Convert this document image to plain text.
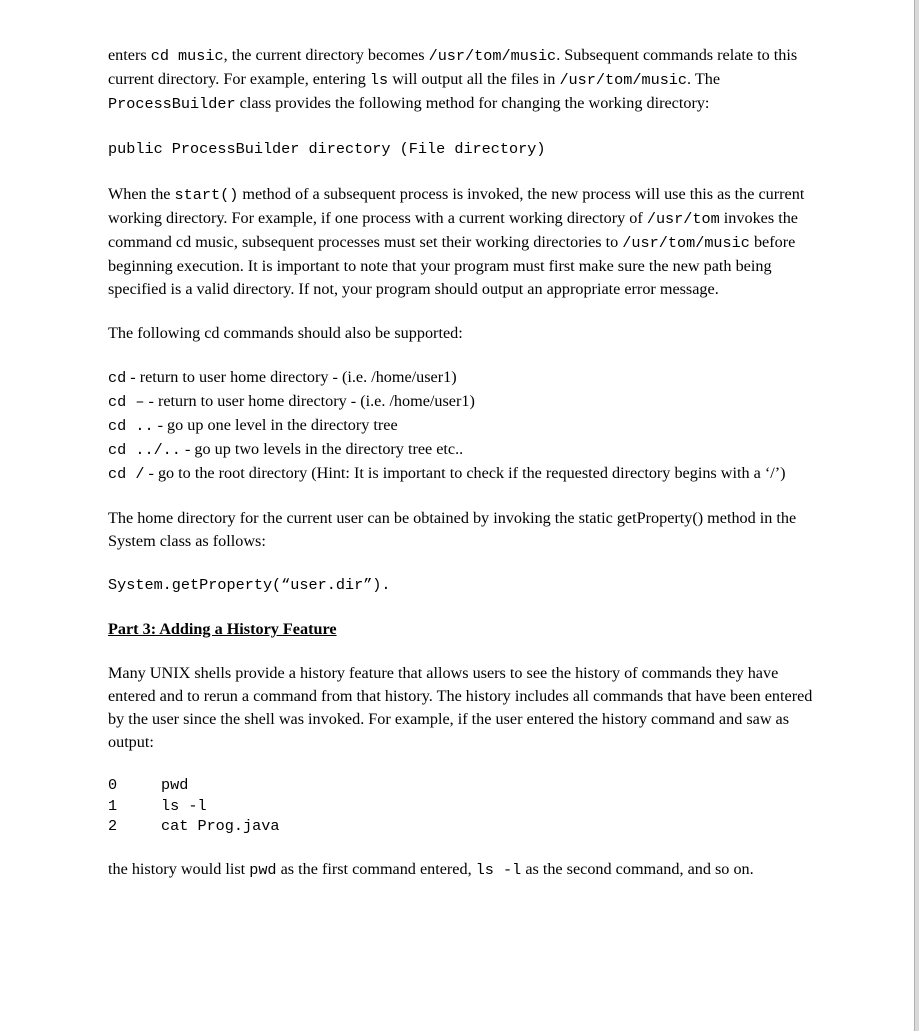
enters cd music, the current directory becomes /usr/tom/music. Subsequent commands relate to this current directory. For example, entering ls will output all the files in /usr/tom/music. The ProcessBuilder class provides the following method for changing the working directory:

public ProcessBuilder directory (File directory)

When the start() method of a subsequent process is invoked, the new process will use this as the current working directory. For example, if one process with a current working directory of /usr/tom invokes the command cd music, subsequent processes must set their working directories to /usr/tom/music before beginning execution. It is important to note that your program must first make sure the new path being specified is a valid directory. If not, your program should output an appropriate error message.

The following cd commands should also be supported:

cd - return to user home directory - (i.e. /home/user1)

cd – - return to user home directory - (i.e. /home/user1)

cd .. - go up one level in the directory tree

cd ../.. - go up two levels in the directory tree etc..

cd / - go to the root directory (Hint: It is important to check if the requested directory begins with a ‘/’)

The home directory for the current user can be obtained by invoking the static getProperty() method in the System class as follows:

System.getProperty(“user.dir”).

Part 3: Adding a History Feature

Many UNIX shells provide a history feature that allows users to see the history of commands they have entered and to rerun a command from that history. The history includes all commands that have been entered by the user since the shell was invoked. For example, if the user entered the history command and saw as output:

0	pwd
1	ls -l
2	cat Prog.java

the history would list pwd as the first command entered, ls -l as the second command, and so on.
